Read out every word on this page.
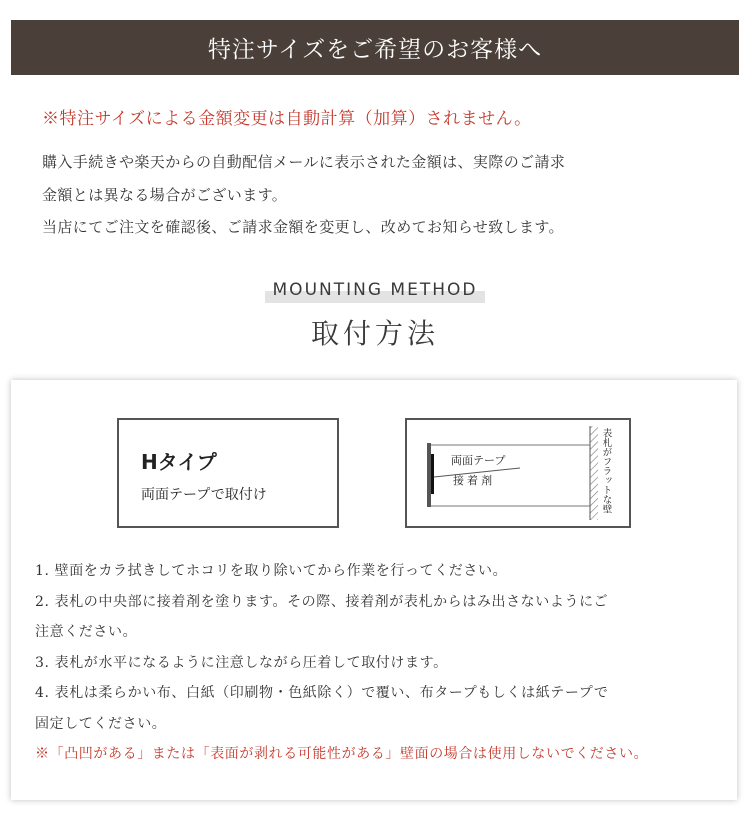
特注サイズをご希望のお客様へ
※特注サイズによる金額変更は自動計算（加算）されません。
購入手続きや楽天からの自動配信メールに表示された金額は、実際のご請求
金額とは異なる場合がございます。
当店にてご注文を確認後、ご請求金額を変更し、改めてお知らせ致します。
MOUNTING METHOD
取付方法
Hタイプ
両面テープで取付け
両面テープ
接 着 剤	表札がフラットな壁
1. 壁面をカラ拭きしてホコリを取り除いてから作業を行ってください。
2. 表札の中央部に接着剤を塗ります。その際、接着剤が表札からはみ出さないようにご
注意ください。
3. 表札が水平になるように注意しながら圧着して取付けます。
4. 表札は柔らかい布、白紙（印刷物・色紙除く）で覆い、布タープもしくは紙テープで
固定してください。
※「凸凹がある」または「表面が剥れる可能性がある」壁面の場合は使用しないでください。
